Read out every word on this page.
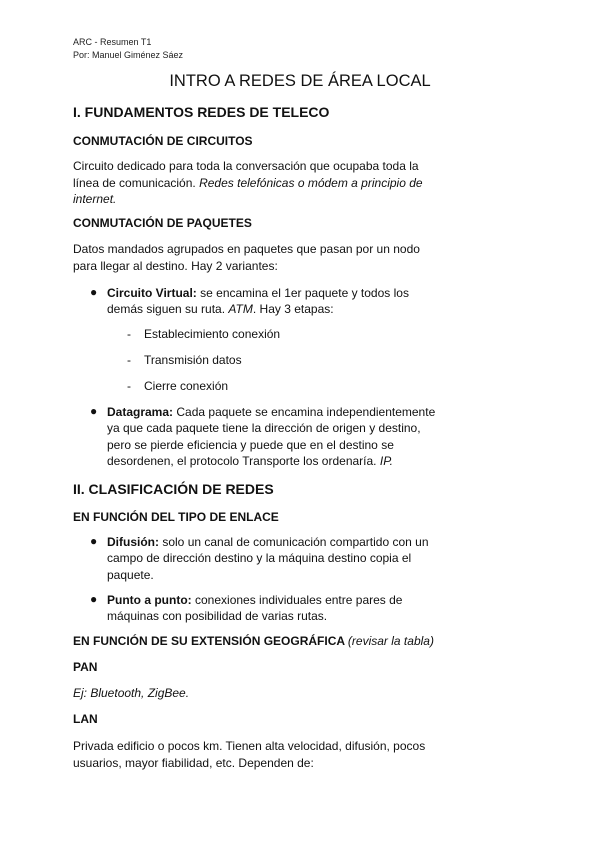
ARC - Resumen T1
Por: Manuel Giménez Sáez
INTRO A REDES DE ÁREA LOCAL
I. FUNDAMENTOS REDES DE TELECO
CONMUTACIÓN DE CIRCUITOS
Circuito dedicado para toda la conversación que ocupaba toda la línea de comunicación. Redes telefónicas o módem a principio de internet.
CONMUTACIÓN DE PAQUETES
Datos mandados agrupados en paquetes que pasan por un nodo para llegar al destino. Hay 2 variantes:
● Circuito Virtual: se encamina el 1er paquete y todos los demás siguen su ruta. ATM. Hay 3 etapas:
- Establecimiento conexión
- Transmisión datos
- Cierre conexión
● Datagrama: Cada paquete se encamina independientemente ya que cada paquete tiene la dirección de origen y destino, pero se pierde eficiencia y puede que en el destino se desordenen, el protocolo Transporte los ordenaría. IP.
II. CLASIFICACIÓN DE REDES
EN FUNCIÓN DEL TIPO DE ENLACE
● Difusión: solo un canal de comunicación compartido con un campo de dirección destino y la máquina destino copia el paquete.
● Punto a punto: conexiones individuales entre pares de máquinas con posibilidad de varias rutas.
EN FUNCIÓN DE SU EXTENSIÓN GEOGRÁFICA (revisar la tabla)
PAN
Ej: Bluetooth, ZigBee.
LAN
Privada edificio o pocos km. Tienen alta velocidad, difusión, pocos usuarios, mayor fiabilidad, etc. Dependen de:
